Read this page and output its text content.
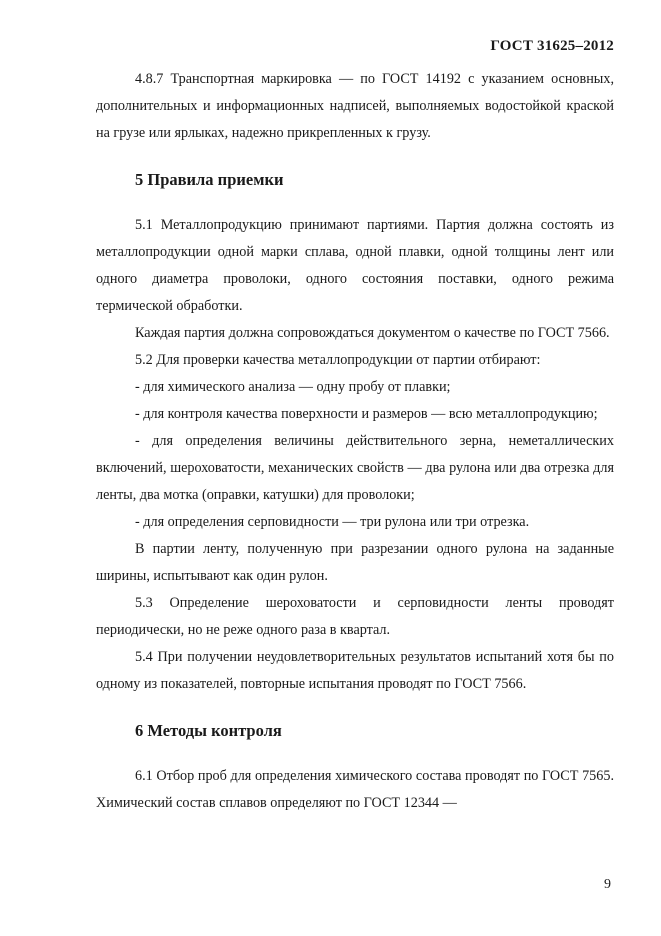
ГОСТ 31625–2012

4.8.7 Транспортная маркировка — по ГОСТ 14192 с указанием основных, дополнительных и информационных надписей, выполняемых водостойкой краской на грузе или ярлыках, надежно прикрепленных к грузу.

5 Правила приемки

5.1 Металлопродукцию принимают партиями. Партия должна состоять из металлопродукции одной марки сплава, одной плавки, одной толщины лент или одного диаметра проволоки, одного состояния поставки, одного режима термической обработки.

Каждая партия должна сопровождаться документом о качестве по ГОСТ 7566.

5.2 Для проверки качества металлопродукции от партии отбирают:

- для химического анализа — одну пробу от плавки;

- для контроля качества поверхности и размеров — всю металлопродукцию;

- для определения величины действительного зерна, неметаллических включений, шероховатости, механических свойств — два рулона или два отрезка для ленты, два мотка (оправки, катушки) для проволоки;

- для определения серповидности — три рулона или три отрезка.

В партии ленту, полученную при разрезании одного рулона на заданные ширины, испытывают как один рулон.

5.3 Определение шероховатости и серповидности ленты проводят периодически, но не реже одного раза в квартал.

5.4 При получении неудовлетворительных результатов испытаний хотя бы по одному из показателей, повторные испытания проводят по ГОСТ 7566.

6 Методы контроля

6.1 Отбор проб для определения химического состава проводят по ГОСТ 7565. Химический состав сплавов определяют по ГОСТ 12344 —

9
